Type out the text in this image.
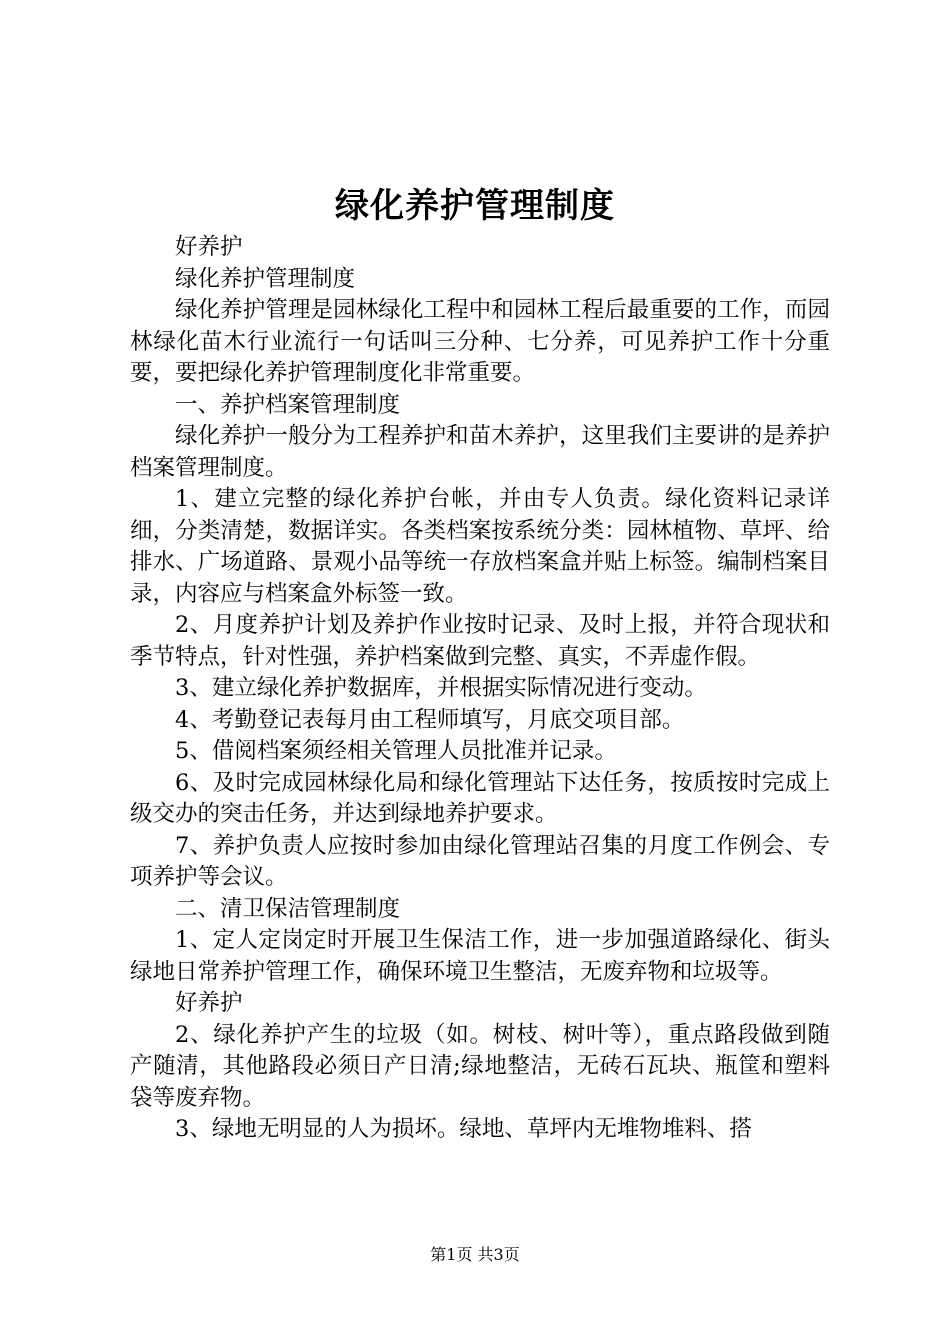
绿化养护管理制度

好养护

绿化养护管理制度

绿化养护管理是园林绿化工程中和园林工程后最重要的工作，而园林绿化苗木行业流行一句话叫三分种、七分养，可见养护工作十分重要，要把绿化养护管理制度化非常重要。

一、养护档案管理制度

绿化养护一般分为工程养护和苗木养护，这里我们主要讲的是养护档案管理制度。

1、建立完整的绿化养护台帐，并由专人负责。绿化资料记录详细，分类清楚，数据详实。各类档案按系统分类：园林植物、草坪、给排水、广场道路、景观小品等统一存放档案盒并贴上标签。编制档案目录，内容应与档案盒外标签一致。

2、月度养护计划及养护作业按时记录、及时上报，并符合现状和季节特点，针对性强，养护档案做到完整、真实，不弄虚作假。

3、建立绿化养护数据库，并根据实际情况进行变动。

4、考勤登记表每月由工程师填写，月底交项目部。

5、借阅档案须经相关管理人员批准并记录。

6、及时完成园林绿化局和绿化管理站下达任务，按质按时完成上级交办的突击任务，并达到绿地养护要求。

7、养护负责人应按时参加由绿化管理站召集的月度工作例会、专项养护等会议。

二、清卫保洁管理制度

1、定人定岗定时开展卫生保洁工作，进一步加强道路绿化、街头绿地日常养护管理工作，确保环境卫生整洁，无废弃物和垃圾等。

好养护

2、绿化养护产生的垃圾（如。树枝、树叶等），重点路段做到随产随清，其他路段必须日产日清;绿地整洁，无砖石瓦块、瓶筐和塑料袋等废弃物。

3、绿地无明显的人为损坏。绿地、草坪内无堆物堆料、搭

第1页 共3页
